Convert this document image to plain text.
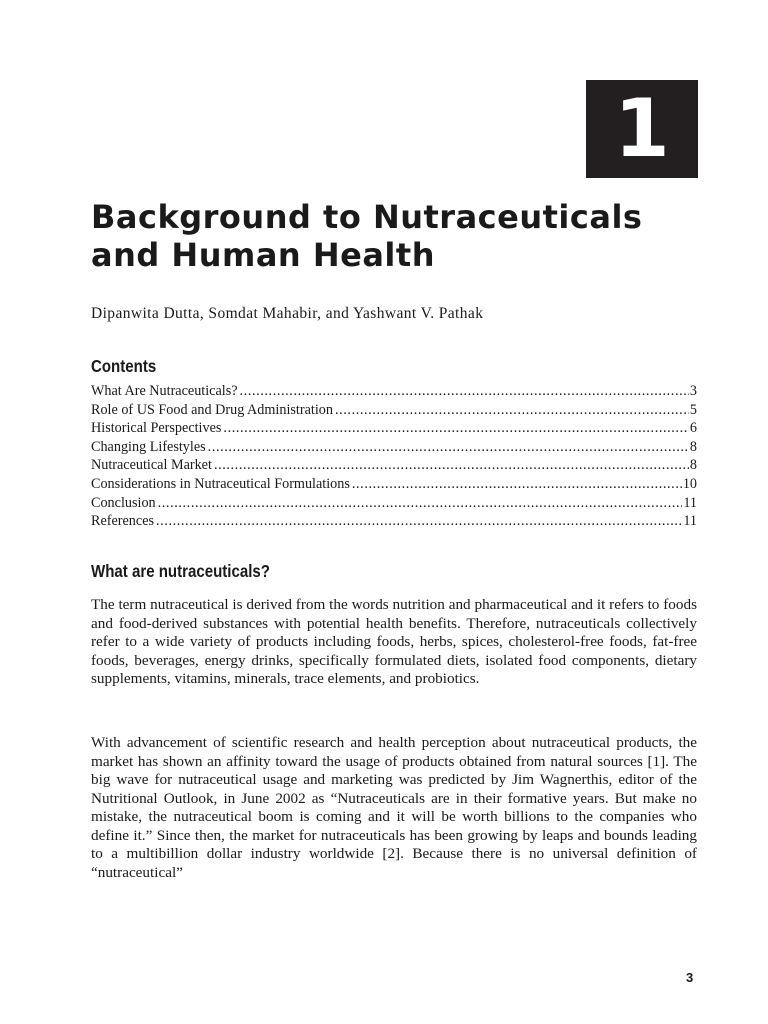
1
Background to Nutraceuticals and Human Health

Dipanwita Dutta, Somdat Mahabir, and Yashwant V. Pathak

Contents
What Are Nutraceuticals? .....	3
Role of US Food and Drug Administration .....	5
Historical Perspectives .....	6
Changing Lifestyles .....	8
Nutraceutical Market .....	8
Considerations in Nutraceutical Formulations .....	10
Conclusion .....	11
References .....	11
What are nutraceuticals?

The term nutraceutical is derived from the words nutrition and pharmaceutical and it refers to foods and food-derived substances with potential health benefits. Therefore, nutraceuticals collectively refer to a wide variety of products including foods, herbs, spices, cholesterol-free foods, fat-free foods, beverages, energy drinks, specifically formulated diets, isolated food components, dietary supplements, vitamins, minerals, trace elements, and probiotics.

With advancement of scientific research and health perception about nutraceutical products, the market has shown an affinity toward the usage of products obtained from natural sources [1]. The big wave for nutraceutical usage and marketing was predicted by Jim Wagnerthis, editor of the Nutritional Outlook, in June 2002 as “Nutraceuticals are in their formative years. But make no mistake, the nutraceutical boom is coming and it will be worth billions to the companies who define it.” Since then, the market for nutraceuticals has been growing by leaps and bounds leading to a multibillion dollar industry worldwide [2]. Because there is no universal definition of “nutraceutical”

3
